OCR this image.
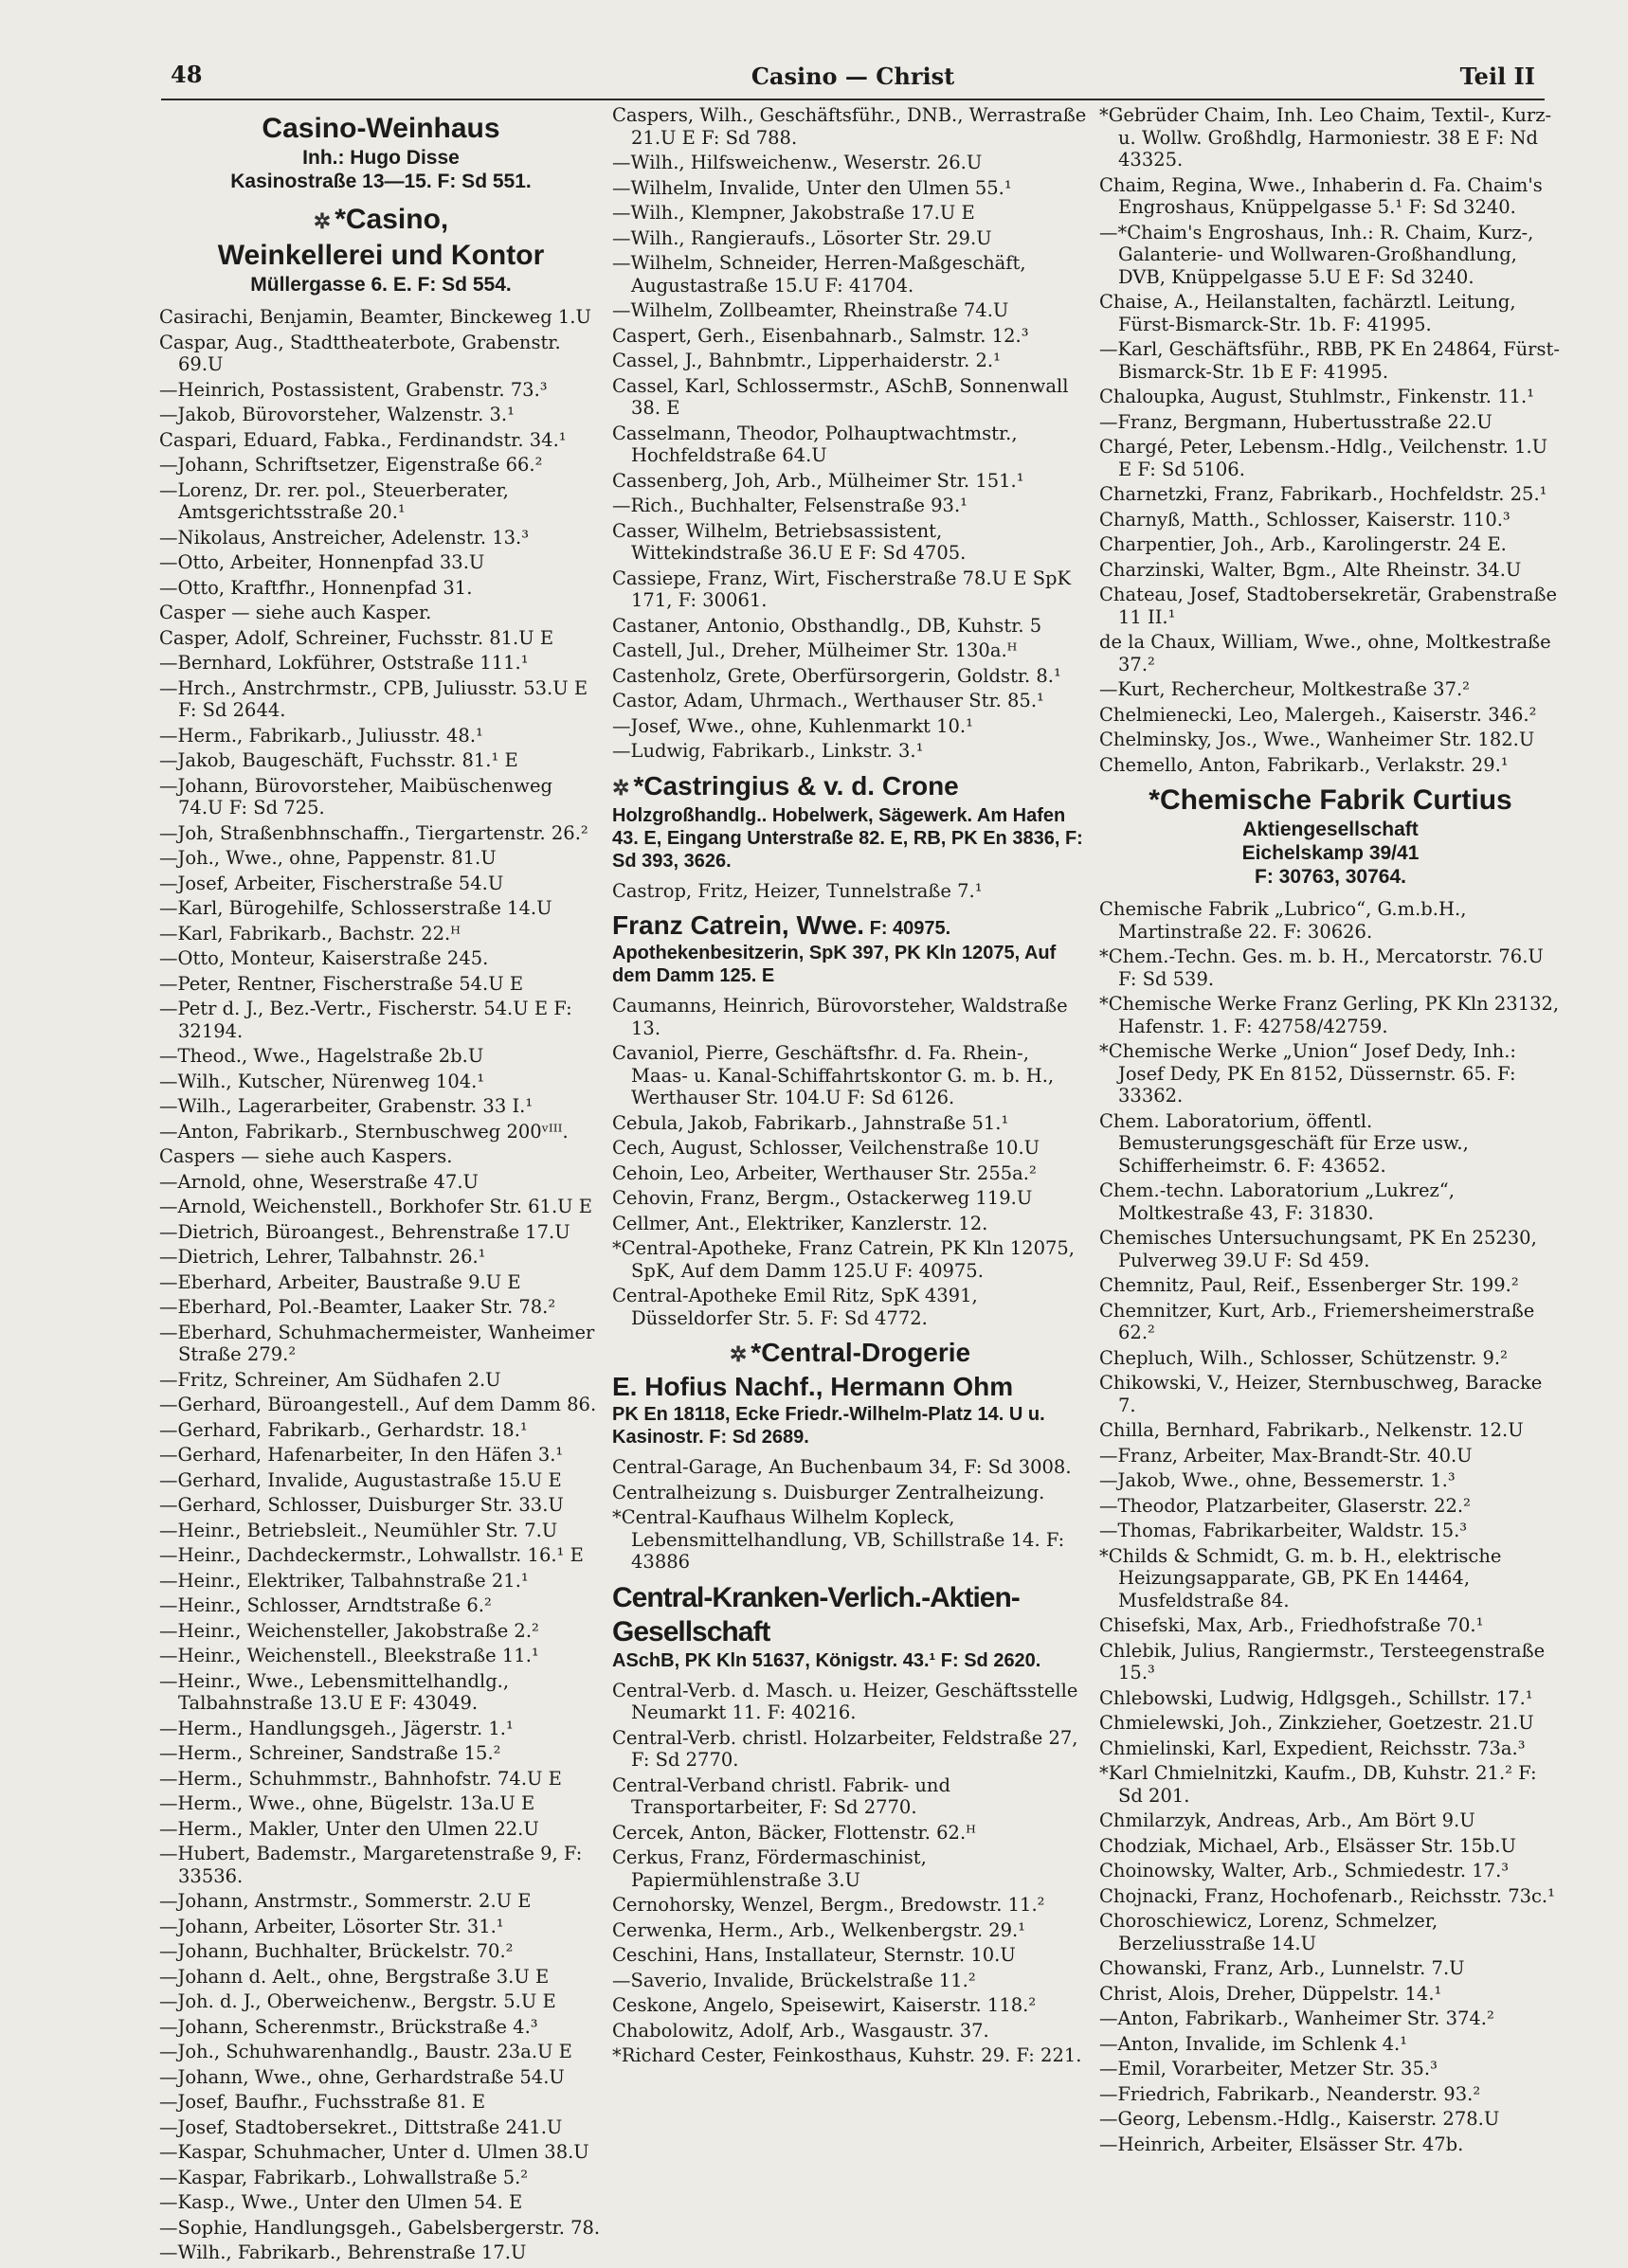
48	Casino — Christ	Teil II
Casino-Weinhaus
Inh.: Hugo Disse
Kasinostraße 13—15. F: Sd 551.
✲ *Casino,
Weinkellerei und Kontor
Müllergasse 6. E. F: Sd 554.
Casirachi, Benjamin, Beamter, Binckeweg 1.U
Caspar, Aug., Stadttheaterbote, Grabenstr. 69.U
—Heinrich, Postassistent, Grabenstr. 73.³
—Jakob, Bürovorsteher, Walzenstr. 3.¹
Caspari, Eduard, Fabka., Ferdinandstr. 34.¹
—Johann, Schriftsetzer, Eigenstraße 66.²
—Lorenz, Dr. rer. pol., Steuerberater, Amtsgerichtsstraße 20.¹
—Nikolaus, Anstreicher, Adelenstr. 13.³
—Otto, Arbeiter, Honnenpfad 33.U
—Otto, Kraftfhr., Honnenpfad 31.
Casper — siehe auch Kasper.
Casper, Adolf, Schreiner, Fuchsstr. 81.U E
—Bernhard, Lokführer, Oststraße 111.¹
—Hrch., Anstrchrmstr., CPB, Juliusstr. 53.U E F: Sd 2644.
—Herm., Fabrikarb., Juliusstr. 48.¹
—Jakob, Baugeschäft, Fuchsstr. 81.¹ E
—Johann, Bürovorsteher, Maibüschenweg 74.U F: Sd 725.
—Joh, Straßenbhnschaffn., Tiergartenstr. 26.²
—Joh., Wwe., ohne, Pappenstr. 81.U
—Josef, Arbeiter, Fischerstraße 54.U
—Karl, Bürogehilfe, Schlosserstraße 14.U
—Karl, Fabrikarb., Bachstr. 22.ᴴ
—Otto, Monteur, Kaiserstraße 245.
—Peter, Rentner, Fischerstraße 54.U E
—Petr d. J., Bez.-Vertr., Fischerstr. 54.U E F: 32194.
—Theod., Wwe., Hagelstraße 2b.U
—Wilh., Kutscher, Nürenweg 104.¹
—Wilh., Lagerarbeiter, Grabenstr. 33 I.¹
—Anton, Fabrikarb., Sternbuschweg 200ᵛᴵᴵᴵ.
Caspers — siehe auch Kaspers.
—Arnold, ohne, Weserstraße 47.U
—Arnold, Weichenstell., Borkhofer Str. 61.U E
—Dietrich, Büroangest., Behrenstraße 17.U
—Dietrich, Lehrer, Talbahnstr. 26.¹
—Eberhard, Arbeiter, Baustraße 9.U E
—Eberhard, Pol.-Beamter, Laaker Str. 78.²
—Eberhard, Schuhmachermeister, Wanheimer Straße 279.²
—Fritz, Schreiner, Am Südhafen 2.U
—Gerhard, Büroangestell., Auf dem Damm 86.
—Gerhard, Fabrikarb., Gerhardstr. 18.¹
—Gerhard, Hafenarbeiter, In den Häfen 3.¹
—Gerhard, Invalide, Augustastraße 15.U E
—Gerhard, Schlosser, Duisburger Str. 33.U
—Heinr., Betriebsleit., Neumühler Str. 7.U
—Heinr., Dachdeckermstr., Lohwallstr. 16.¹ E
—Heinr., Elektriker, Talbahnstraße 21.¹
—Heinr., Schlosser, Arndtstraße 6.²
—Heinr., Weichensteller, Jakobstraße 2.²
—Heinr., Weichenstell., Bleekstraße 11.¹
—Heinr., Wwe., Lebensmittelhandlg., Talbahnstraße 13.U E F: 43049.
—Herm., Handlungsgeh., Jägerstr. 1.¹
—Herm., Schreiner, Sandstraße 15.²
—Herm., Schuhmmstr., Bahnhofstr. 74.U E
—Herm., Wwe., ohne, Bügelstr. 13a.U E
—Herm., Makler, Unter den Ulmen 22.U
—Hubert, Bademstr., Margaretenstraße 9, F: 33536.
—Johann, Anstrmstr., Sommerstr. 2.U E
—Johann, Arbeiter, Lösorter Str. 31.¹
—Johann, Buchhalter, Brückelstr. 70.²
—Johann d. Aelt., ohne, Bergstraße 3.U E
—Joh. d. J., Oberweichenw., Bergstr. 5.U E
—Johann, Scherenmstr., Brückstraße 4.³
—Joh., Schuhwarenhandlg., Baustr. 23a.U E
—Johann, Wwe., ohne, Gerhardstraße 54.U
—Josef, Baufhr., Fuchsstraße 81. E
—Josef, Stadtobersekret., Dittstraße 241.U
—Kaspar, Schuhmacher, Unter d. Ulmen 38.U
—Kaspar, Fabrikarb., Lohwallstraße 5.²
—Kasp., Wwe., Unter den Ulmen 54. E
—Sophie, Handlungsgeh., Gabelsbergerstr. 78.
—Wilh., Fabrikarb., Behrenstraße 17.U
Caspers, Wilh., Geschäftsführ., DNB., Werrastraße 21.U E F: Sd 788.
—Wilh., Hilfsweichenw., Weserstr. 26.U
—Wilhelm, Invalide, Unter den Ulmen 55.¹
—Wilh., Klempner, Jakobstraße 17.U E
—Wilh., Rangieraufs., Lösorter Str. 29.U
—Wilhelm, Schneider, Herren-Maßgeschäft, Augustastraße 15.U F: 41704.
—Wilhelm, Zollbeamter, Rheinstraße 74.U
Caspert, Gerh., Eisenbahnarb., Salmstr. 12.³
Cassel, J., Bahnbmtr., Lipperhaiderstr. 2.¹
Cassel, Karl, Schlossermstr., ASchB, Sonnenwall 38. E
Casselmann, Theodor, Polhauptwachtmstr., Hochfeldstraße 64.U
Cassenberg, Joh, Arb., Mülheimer Str. 151.¹
—Rich., Buchhalter, Felsenstraße 93.¹
Casser, Wilhelm, Betriebsassistent, Wittekindstraße 36.U E F: Sd 4705.
Cassiepe, Franz, Wirt, Fischerstraße 78.U E SpK 171, F: 30061.
Castaner, Antonio, Obsthandlg., DB, Kuhstr. 5
Castell, Jul., Dreher, Mülheimer Str. 130a.ᴴ
Castenholz, Grete, Oberfürsorgerin, Goldstr. 8.¹
Castor, Adam, Uhrmach., Werthauser Str. 85.¹
—Josef, Wwe., ohne, Kuhlenmarkt 10.¹
—Ludwig, Fabrikarb., Linkstr. 3.¹
✲ *Castringius & v. d. Crone
Holzgroßhandlg.. Hobelwerk, Sägewerk. Am Hafen 43. E, Eingang Unterstraße 82. E, RB, PK En 3836, F: Sd 393, 3626.
Castrop, Fritz, Heizer, Tunnelstraße 7.¹
Franz Catrein, Wwe. F: 40975.
Apothekenbesitzerin, SpK 397, PK Kln 12075, Auf dem Damm 125. E
Caumanns, Heinrich, Bürovorsteher, Waldstraße 13.
Cavaniol, Pierre, Geschäftsfhr. d. Fa. Rhein-, Maas- u. Kanal-Schiffahrtskontor G. m. b. H., Werthauser Str. 104.U F: Sd 6126.
Cebula, Jakob, Fabrikarb., Jahnstraße 51.¹
Cech, August, Schlosser, Veilchenstraße 10.U
Cehoin, Leo, Arbeiter, Werthauser Str. 255a.²
Cehovin, Franz, Bergm., Ostackerweg 119.U
Cellmer, Ant., Elektriker, Kanzlerstr. 12.
*Central-Apotheke, Franz Catrein, PK Kln 12075, SpK, Auf dem Damm 125.U F: 40975.
Central-Apotheke Emil Ritz, SpK 4391, Düsseldorfer Str. 5. F: Sd 4772.
✲ *Central-Drogerie
E. Hofius Nachf., Hermann Ohm
PK En 18118, Ecke Friedr.-Wilhelm-Platz 14. U u. Kasinostr. F: Sd 2689.
Central-Garage, An Buchenbaum 34, F: Sd 3008.
Centralheizung s. Duisburger Zentralheizung.
*Central-Kaufhaus Wilhelm Kopleck, Lebensmittelhandlung, VB, Schillstraße 14. F: 43886
Central-Kranken-Verlich.-Aktien-Gesellschaft
ASchB, PK Kln 51637, Königstr. 43.¹ F: Sd 2620.
Central-Verb. d. Masch. u. Heizer, Geschäftsstelle Neumarkt 11. F: 40216.
Central-Verb. christl. Holzarbeiter, Feldstraße 27, F: Sd 2770.
Central-Verband christl. Fabrik- und Transportarbeiter, F: Sd 2770.
Cercek, Anton, Bäcker, Flottenstr. 62.ᴴ
Cerkus, Franz, Fördermaschinist, Papiermühlenstraße 3.U
Cernohorsky, Wenzel, Bergm., Bredowstr. 11.²
Cerwenka, Herm., Arb., Welkenbergstr. 29.¹
Ceschini, Hans, Installateur, Sternstr. 10.U
—Saverio, Invalide, Brückelstraße 11.²
Ceskone, Angelo, Speisewirt, Kaiserstr. 118.²
Chabolowitz, Adolf, Arb., Wasgaustr. 37.
*Richard Cester, Feinkosthaus, Kuhstr. 29. F: 221.
*Gebrüder Chaim, Inh. Leo Chaim, Textil-, Kurz- u. Wollw. Großhdlg, Harmoniestr. 38 E F: Nd 43325.
Chaim, Regina, Wwe., Inhaberin d. Fa. Chaim's Engroshaus, Knüppelgasse 5.¹ F: Sd 3240.
—*Chaim's Engroshaus, Inh.: R. Chaim, Kurz-, Galanterie- und Wollwaren-Großhandlung, DVB, Knüppelgasse 5.U E F: Sd 3240.
Chaise, A., Heilanstalten, fachärztl. Leitung, Fürst-Bismarck-Str. 1b. F: 41995.
—Karl, Geschäftsführ., RBB, PK En 24864, Fürst-Bismarck-Str. 1b E F: 41995.
Chaloupka, August, Stuhlmstr., Finkenstr. 11.¹
—Franz, Bergmann, Hubertusstraße 22.U
Chargé, Peter, Lebensm.-Hdlg., Veilchenstr. 1.U E F: Sd 5106.
Charnetzki, Franz, Fabrikarb., Hochfeldstr. 25.¹
Charnyß, Matth., Schlosser, Kaiserstr. 110.³
Charpentier, Joh., Arb., Karolingerstr. 24 E.
Charzinski, Walter, Bgm., Alte Rheinstr. 34.U
Chateau, Josef, Stadtobersekretär, Grabenstraße 11 II.¹
de la Chaux, William, Wwe., ohne, Moltkestraße 37.²
—Kurt, Rechercheur, Moltkestraße 37.²
Chelmienecki, Leo, Malergeh., Kaiserstr. 346.²
Chelminsky, Jos., Wwe., Wanheimer Str. 182.U
Chemello, Anton, Fabrikarb., Verlakstr. 29.¹
*Chemische Fabrik Curtius
Aktiengesellschaft
Eichelskamp 39/41
F: 30763, 30764.
Chemische Fabrik „Lubrico“, G.m.b.H., Martinstraße 22. F: 30626.
*Chem.-Techn. Ges. m. b. H., Mercatorstr. 76.U F: Sd 539.
*Chemische Werke Franz Gerling, PK Kln 23132, Hafenstr. 1. F: 42758/42759.
*Chemische Werke „Union“ Josef Dedy, Inh.: Josef Dedy, PK En 8152, Düssernstr. 65. F: 33362.
Chem. Laboratorium, öffentl. Bemusterungsgeschäft für Erze usw., Schifferheimstr. 6. F: 43652.
Chem.-techn. Laboratorium „Lukrez“, Moltkestraße 43, F: 31830.
Chemisches Untersuchungsamt, PK En 25230, Pulverweg 39.U F: Sd 459.
Chemnitz, Paul, Reif., Essenberger Str. 199.²
Chemnitzer, Kurt, Arb., Friemersheimerstraße 62.²
Chepluch, Wilh., Schlosser, Schützenstr. 9.²
Chikowski, V., Heizer, Sternbuschweg, Baracke 7.
Chilla, Bernhard, Fabrikarb., Nelkenstr. 12.U
—Franz, Arbeiter, Max-Brandt-Str. 40.U
—Jakob, Wwe., ohne, Bessemerstr. 1.³
—Theodor, Platzarbeiter, Glaserstr. 22.²
—Thomas, Fabrikarbeiter, Waldstr. 15.³
*Childs & Schmidt, G. m. b. H., elektrische Heizungsapparate, GB, PK En 14464, Musfeldstraße 84.
Chisefski, Max, Arb., Friedhofstraße 70.¹
Chlebik, Julius, Rangiermstr., Tersteegenstraße 15.³
Chlebowski, Ludwig, Hdlgsgeh., Schillstr. 17.¹
Chmielewski, Joh., Zinkzieher, Goetzestr. 21.U
Chmielinski, Karl, Expedient, Reichsstr. 73a.³
*Karl Chmielnitzki, Kaufm., DB, Kuhstr. 21.² F: Sd 201.
Chmilarzyk, Andreas, Arb., Am Bört 9.U
Chodziak, Michael, Arb., Elsässer Str. 15b.U
Choinowsky, Walter, Arb., Schmiedestr. 17.³
Chojnacki, Franz, Hochofenarb., Reichsstr. 73c.¹
Choroschiewicz, Lorenz, Schmelzer, Berzeliusstraße 14.U
Chowanski, Franz, Arb., Lunnelstr. 7.U
Christ, Alois, Dreher, Düppelstr. 14.¹
—Anton, Fabrikarb., Wanheimer Str. 374.²
—Anton, Invalide, im Schlenk 4.¹
—Emil, Vorarbeiter, Metzer Str. 35.³
—Friedrich, Fabrikarb., Neanderstr. 93.²
—Georg, Lebensm.-Hdlg., Kaiserstr. 278.U
—Heinrich, Arbeiter, Elsässer Str. 47b.
